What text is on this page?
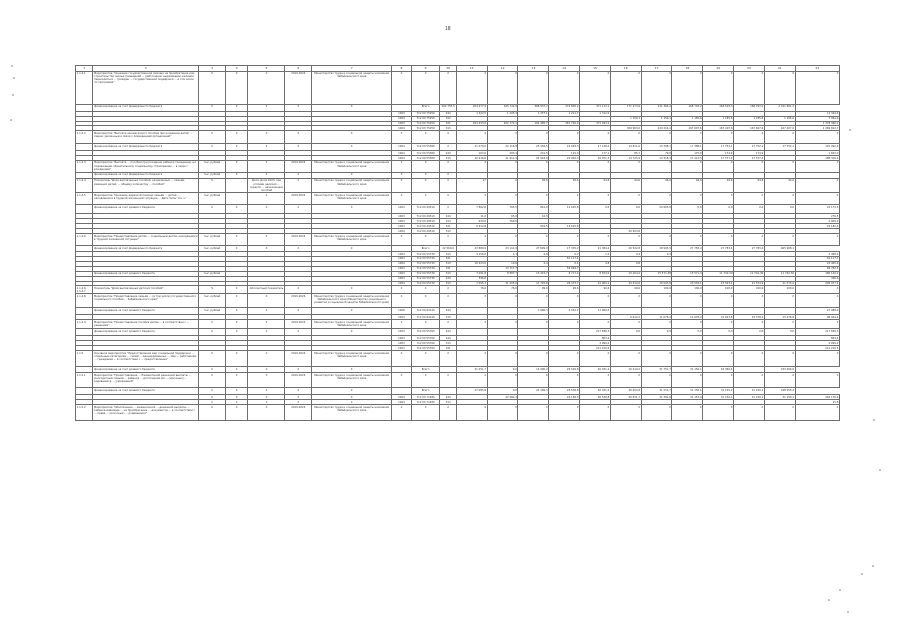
18
1	2	3	4	5	6	7	8	9	10	11	12	13	14	15	16	17	18	19	20	21	22
1.1.4.1	Мероприятие "Оказание государственной помощи на приобретение или строительство жилых помещений ... работникам, выразившим желание переселиться ... граждан ... государственной поддержки ... в том числе по программе"	X	X	X	2019-2024	Министерство труда и социальной защиты населения Забайкальского края	X	X	X	X	X	X	X	X	X	X	X	X	X	X	X
	финансирование за счет федерального бюджета	X	X	X	X	X		Всего	262 755,5	203 977,5	165 742,8	368 937,7	372 805,2	371 113,1	171 273,6	231 364,2	168 793,2	168 593,3	168 793,2	2 011 861,3	
							1003	712 00 75250	244	1 322,5	1 205,4	1 257,1	1 211,7	1 312,0							12 344,6
							1004	712 00 75250	322						1 150,1	1 150,1	1 185,6	1 185,6	1 185,6	1 185,6	7 064,6
							1003	712 00 75250	321	261 433,0	202 772,1	164 485,7	367 726,0	371 493,2							1 378 360,2
							1004	712 00 75250	313						369 963,0	229 214,1	167 607,6	167 407,6	167 607,6	167 407,6	1 269 812,7
1.1.4.2	Мероприятие "Выплата ежемесячного пособия при рождении детей ... лицам, уволенным в связи с ликвидацией организаций"	X	X	X	X	X	X	X	X	X	X	X	X	X	X	X	X	X	X	X	X
	финансирование за счет федерального бюджета	X	X	X	X	X	1004	712 00 55380	X	21 079,6	22 114,8	25 184,5	23 093,3	17 148,4	14 811,6	13 398,1	17 388,1	17 752,1	17 752,1	17 752,1	191 992,6
							1004	712 00 55380	244	163,0	203,4	241,5	191,0	177,1	85,7	79,8	175,6	174,9	174,9		1 663,0
							1004	712 00 55380	313	20 916,6	21 911,4	24 943,0	22 902,3	16 971,3	14 725,9	13 318,3	17 212,5	17 577,2	17 577,2		188 329,6
1.1.4.3	Мероприятие "Выплата ... пособия при рождении ребенка гражданам, не подлежащим обязательному социальному страхованию ... в связи с рождением"	тыс. рублей	X	X	2019-2024	Министерство труда и социальной защиты населения Забайкальского края	X	X	X	X	X	X	X	X	X	X	X	X	X	X	X
	финансирование за счет федерального бюджета	тыс. рублей	X	X	X	X	X	X	X												
1.1.4.4	Показатель "Доля выплаченных пособий, назначенных ... семьям, имеющих детей, ... общему количеству ... пособий"	%		Доля; Доля 100% при условии наличия ... средств ... назначенных пособий	X	Министерство труда и социальной защиты населения Забайкальского края	X	X	X	17	X	94,6	94,6	94,6	94,6	94,6	94,6	94,6	94,6	94,6	X
1.1.4.5	Мероприятие "Оказание адресной помощи семьям ... детей ... находящимся в трудной жизненной ситуации ... Дети Читы" в н.ч."	тыс. рублей		X	2019-2024	Министерство труда и социальной защиты населения Забайкальского края	X	X	X	X	X	X	X	X	X	X	X	X	X	X	X
	финансирование за счет краевого бюджета	X	X	X	X	X	1003	712 00 49510	X	7 862,8	765,5	861,0	14 625,8	0,0	0,0	20 903,8	0,0	0,0	0,0	0,0	22 173,5
							1003	712 00 49510	244	11,0	65,0	16,5									276,5
							1003	712 00 49510	313	939,0	760,0										2 009,0
							1003	712 00 49510	321	6 912,8		844,5	14 625,8								24 182,3
							1004	712 00 49510	313						20 903,8						
1.1.4.6	Мероприятие "Предоставление детям ... социальным детям, находящимся в трудной жизненной ситуации"	тыс. рублей	X	X	2019-2024	Министерство труда и социальной защиты населения Забайкальского края	X	X	X	X	X	X	X	X	X	X	X	X	X	X	X
	финансирование за счет федерального бюджета	тыс. рублей	X	X	X	X		Всего	22 560,0	23 889,9	23 112,9	27 699,0	17 335,2	21 384,2	20 522,8	18 993,5	27 783,4	27 783,4	27 783,4	465 908,1	
							1004	712 00 55730	313	4 156,0	1,1	0,8	0,2	1,2	0,4	0,3					4 468,2
							1003	712 00 55730	321				81 117,1								81 117,1
							1004	712 00 55730	313	18 443,0	10,6	0,4	0,1	4,8	0,8						23 465,6
							1003	712 00 55730	321		13 717,7		56 064,7								69 782,4
	финансирование за счет краевого бюджета	тыс. рублей					1003	712 00 55730	313	7 091,8	8 887,7	15 415,7	8 717,4	8 554,0	10 164,2	15 571,38	15 571,3	11 742,30	11 742,30	11 742,30	189 149,2
							1003	712 00 55730	244	396,6											396,6
							1004	712 00 55730	313	7 095,3	31 405,0	17 745,8	28 473,7	22 904,1	24 312,6	16 593,8	23 593,1	23 593,1	21 574,9	21 574,2	209 977,2
1.1.4.6. 1.1.4.7	Показатель "Доля выплаченных детских пособий"	%	X	Абсолютный показатель	X	X	X	X	X	76,6	76,6	99,6	99,6	99,6	99,6	100,0	100,0	100,0	100,0	100,0	X
1.1.4.8	Мероприятие "Предоставление семьям ... (в том числе) государственного социального пособия ... Забайкальского края"	тыс. рублей	X	X	2019-2024	Министерство труда и социальной защиты населения Забайкальского края (Министерство социального развития и социальной защиты Забайкальского края)	X	X	X	X	X	X	X	X	X	X	X	X	X	X	X
	финансирование за счет краевого бюджета	тыс. рублей	X	X	X	X	1006	712 00 94140	244			3 086,3	5 052,2	11 909,5							27 988,0
							1003	712 00 94140	313						6 612,2	11 078,2	11 678,2	15 023,8	19 578,2	13 476,8	98 944,4
1.1.4.9	Мероприятие "Предоставление пособия детям ... в соответствии с ... решением"	X	X	X	2019-2024	Министерство труда и социальной защиты населения Забайкальского края	X	X	X	X	X	X	X	X	X	X	X	X	X	X	X
	финансирование за счет краевого бюджета	X	X	X	X	X	1003	712 00 55760	244					217 836,3	0,0	0,0	0,0	0,0	0,0	0,0	217 836,3
							1003	712 00 55760	244					803,4							803,4
							1003	712 00 55760	313					3 099,2							3 099,2
							1003	712 00 55760	321					211 210,5							211 210,5
1.1.5	Основное мероприятие "Предоставление мер социальной поддержки ... отдельным категориям ... семей ... единовременных ... мер ... работникам ... гражданам ... в соответствии с ... предоставление"	X	X	X	2019-2024	Министерство труда и социальной защиты населения Забайкальского края	X	X	X	X	X	X	X	X	X	X	X	X	X	X	X
	финансирование за счет краевого бюджета	X	X	X	X	X		Всего		21 251,7	0,0	14 990,2	26 526,8	40 031,2	16 410,2	31 751,7	31 150,1	18 360,4		433 406,6	
1.1.5.1	Мероприятие "Предоставление ... Ежемесячной денежной выплаты ... многодетным семьям ... ребенка ... достижения им ... (или иных) ... родившимся ... учреждений"	X	X	X	2019-2024	Министерство труда и социальной защиты населения Забайкальского края	X	X	X	X	X	X	X	X	X	X	X	X	X	X	X
	финансирование за счет краевого бюджета	X	X	X	X	X		Всего		27 085,9	0,0	24 189,3	26 538,8	40 031,2	36 653,8	31 251,7	31 150,1	31 150,1	31 150,1	248 055,2	
		X	X	X	X	X	1004	712 00 71480	244		22 282,3		24 189,3	26 538,8	40 631,7	31 381,6	31 153,0	31 150,1	31 150,1	31 150,1	264 178,0
		X	X	X	X	X	1004	712 00 71480	313												15,8
1.1.5.2	Мероприятие "Обеспечение ... ежемесячной ... денежной выплаты ... ребенка-инвалида ... на приобретение ... документов ... в соответствии с ... права ... (или иных) ... родившимся"	X	X	X	2019-2024	Министерство труда и социальной защиты населения Забайкальского края	X	X	X	X	X	X	X	X	X	X	X	X	X	X	X
